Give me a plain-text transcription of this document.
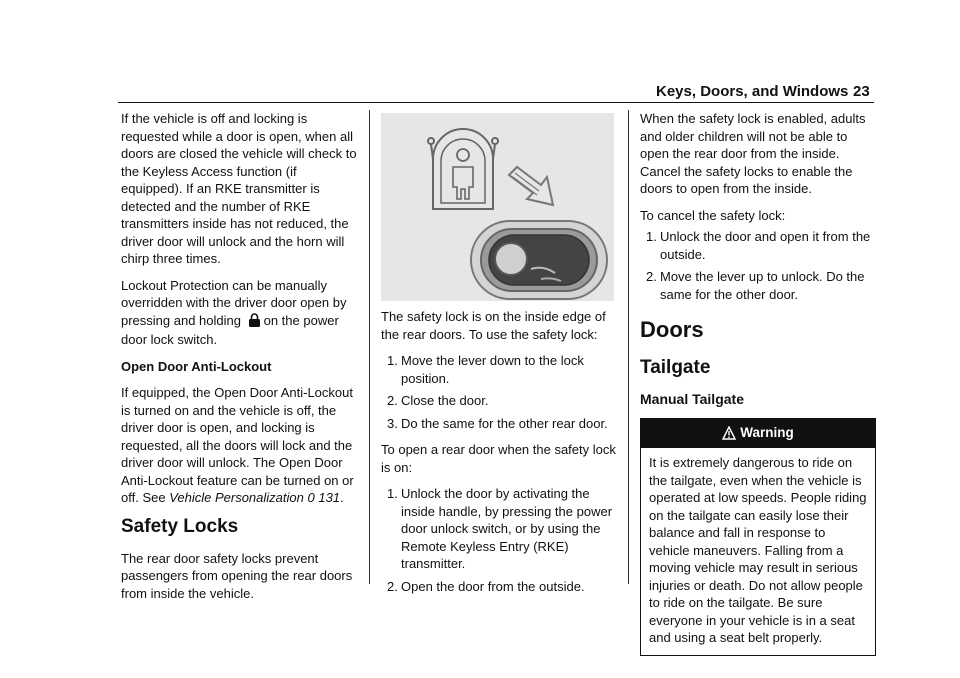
Keys, Doors, and Windows 23

If the vehicle is off and locking is requested while a door is open, when all doors are closed the vehicle will check to the Keyless Access function (if equipped). If an RKE transmitter is detected and the number of RKE transmitters inside has not reduced, the driver door will unlock and the horn will chirp three times.

Lockout Protection can be manually overridden with the driver door open by pressing and holding on the power door lock switch.

Open Door Anti-Lockout

If equipped, the Open Door Anti-Lockout is turned on and the vehicle is off, the driver door is open, and locking is requested, all the doors will lock and the driver door will unlock. The Open Door Anti-Lockout feature can be turned on or off. See Vehicle Personalization 0 131.

Safety Locks

The rear door safety locks prevent passengers from opening the rear doors from inside the vehicle.

The safety lock is on the inside edge of the rear doors. To use the safety lock:

1. Move the lever down to the lock position.
2. Close the door.
3. Do the same for the other rear door.

To open a rear door when the safety lock is on:

1. Unlock the door by activating the inside handle, by pressing the power door unlock switch, or by using the Remote Keyless Entry (RKE) transmitter.
2. Open the door from the outside.

When the safety lock is enabled, adults and older children will not be able to open the rear door from the inside. Cancel the safety locks to enable the doors to open from the inside.

To cancel the safety lock:

1. Unlock the door and open it from the outside.
2. Move the lever up to unlock. Do the same for the other door.
Doors
Tailgate
Manual Tailgate
Warning
It is extremely dangerous to ride on the tailgate, even when the vehicle is operated at low speeds. People riding on the tailgate can easily lose their balance and fall in response to vehicle maneuvers. Falling from a moving vehicle may result in serious injuries or death. Do not allow people to ride on the tailgate. Be sure everyone in your vehicle is in a seat and using a seat belt properly.
